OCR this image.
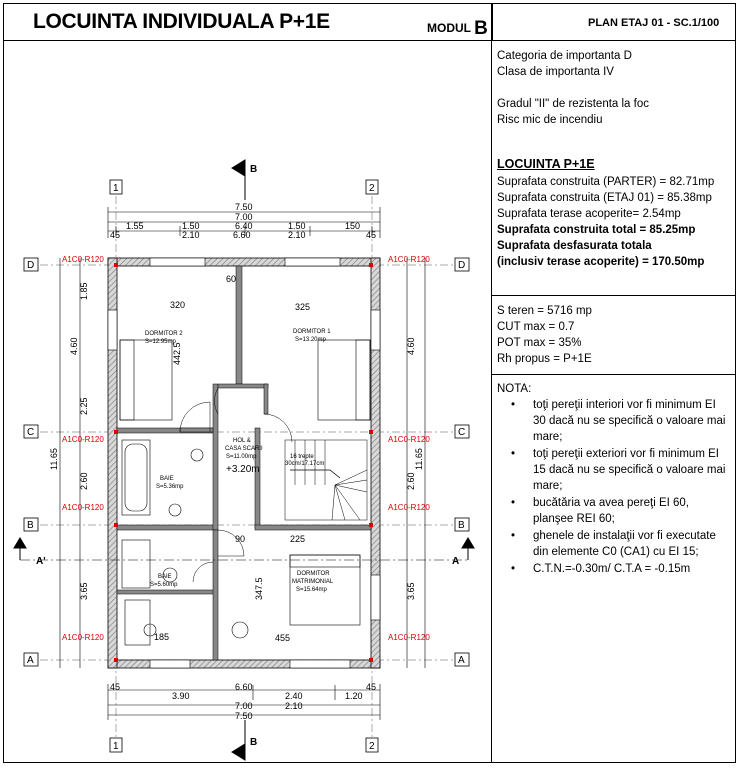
LOCUINTA INDIVIDUALA P+1E	MODUL B	PLAN ETAJ 01 - SC.1/100
Categoria de importanta D
Clasa de importanta IV
Gradul "II" de rezistenta la foc
Risc mic de incendiu
LOCUINTA P+1E
Suprafata construita (PARTER) = 82.71mp
Suprafata construita (ETAJ 01) = 85.38mp
Suprafata terase acoperite= 2.54mp
Suprafata construita total = 85.25mp
Suprafata desfasurata totala
(inclusiv terase acoperite) = 170.50mp
S teren = 5716 mp
CUT max = 0.7
POT max = 35%
Rh propus = P+1E
NOTA:
• toţi pereţii interiori vor fi minimum EI 30 dacă nu se specifică o valoare mai mare;
• toţi pereţii exteriori vor fi minimum EI 15 dacă nu se specifică o valoare mai mare;
• bucătăria va avea pereţi EI 60, planşee REI 60;
• ghenele de instalaţii vor fi executate din elemente C0 (CA1) cu EI 15;
• C.T.N.=-0.30m/ C.T.A = -0.15m
1	2
1	2
D
C
B
A
D
C
B
A
B
B
A'	A
A1C0-R120	A1C0-R120
A1C0-R120	A1C0-R120
A1C0-R120	A1C0-R120
A1C0-R120	A1C0-R120
7.50
7.00
6.40
1.55	1.50	1.50	150
2.10	6.60	2.10
45	45
45	45
3.90
6.60
2.40	1.20
7.00	2.10
7.50
11.65	11.65
4.60	4.60
1.85
2.25
2.60	2.60
3.65	3.65
DORMITOR 2
S=12.95mp
DORMITOR 1
S=13.20mp
HOL &
CASA SCARII
S=11.00mp
BAIE
S=5.36mp
BAIE
S=5.60mp
DORMITOR
MATRIMONIAL
S=15.64mp
16 trepte
30cm/17.17cm
+3.20m
320	325
442.5
225
455
347.5
60
90
185
